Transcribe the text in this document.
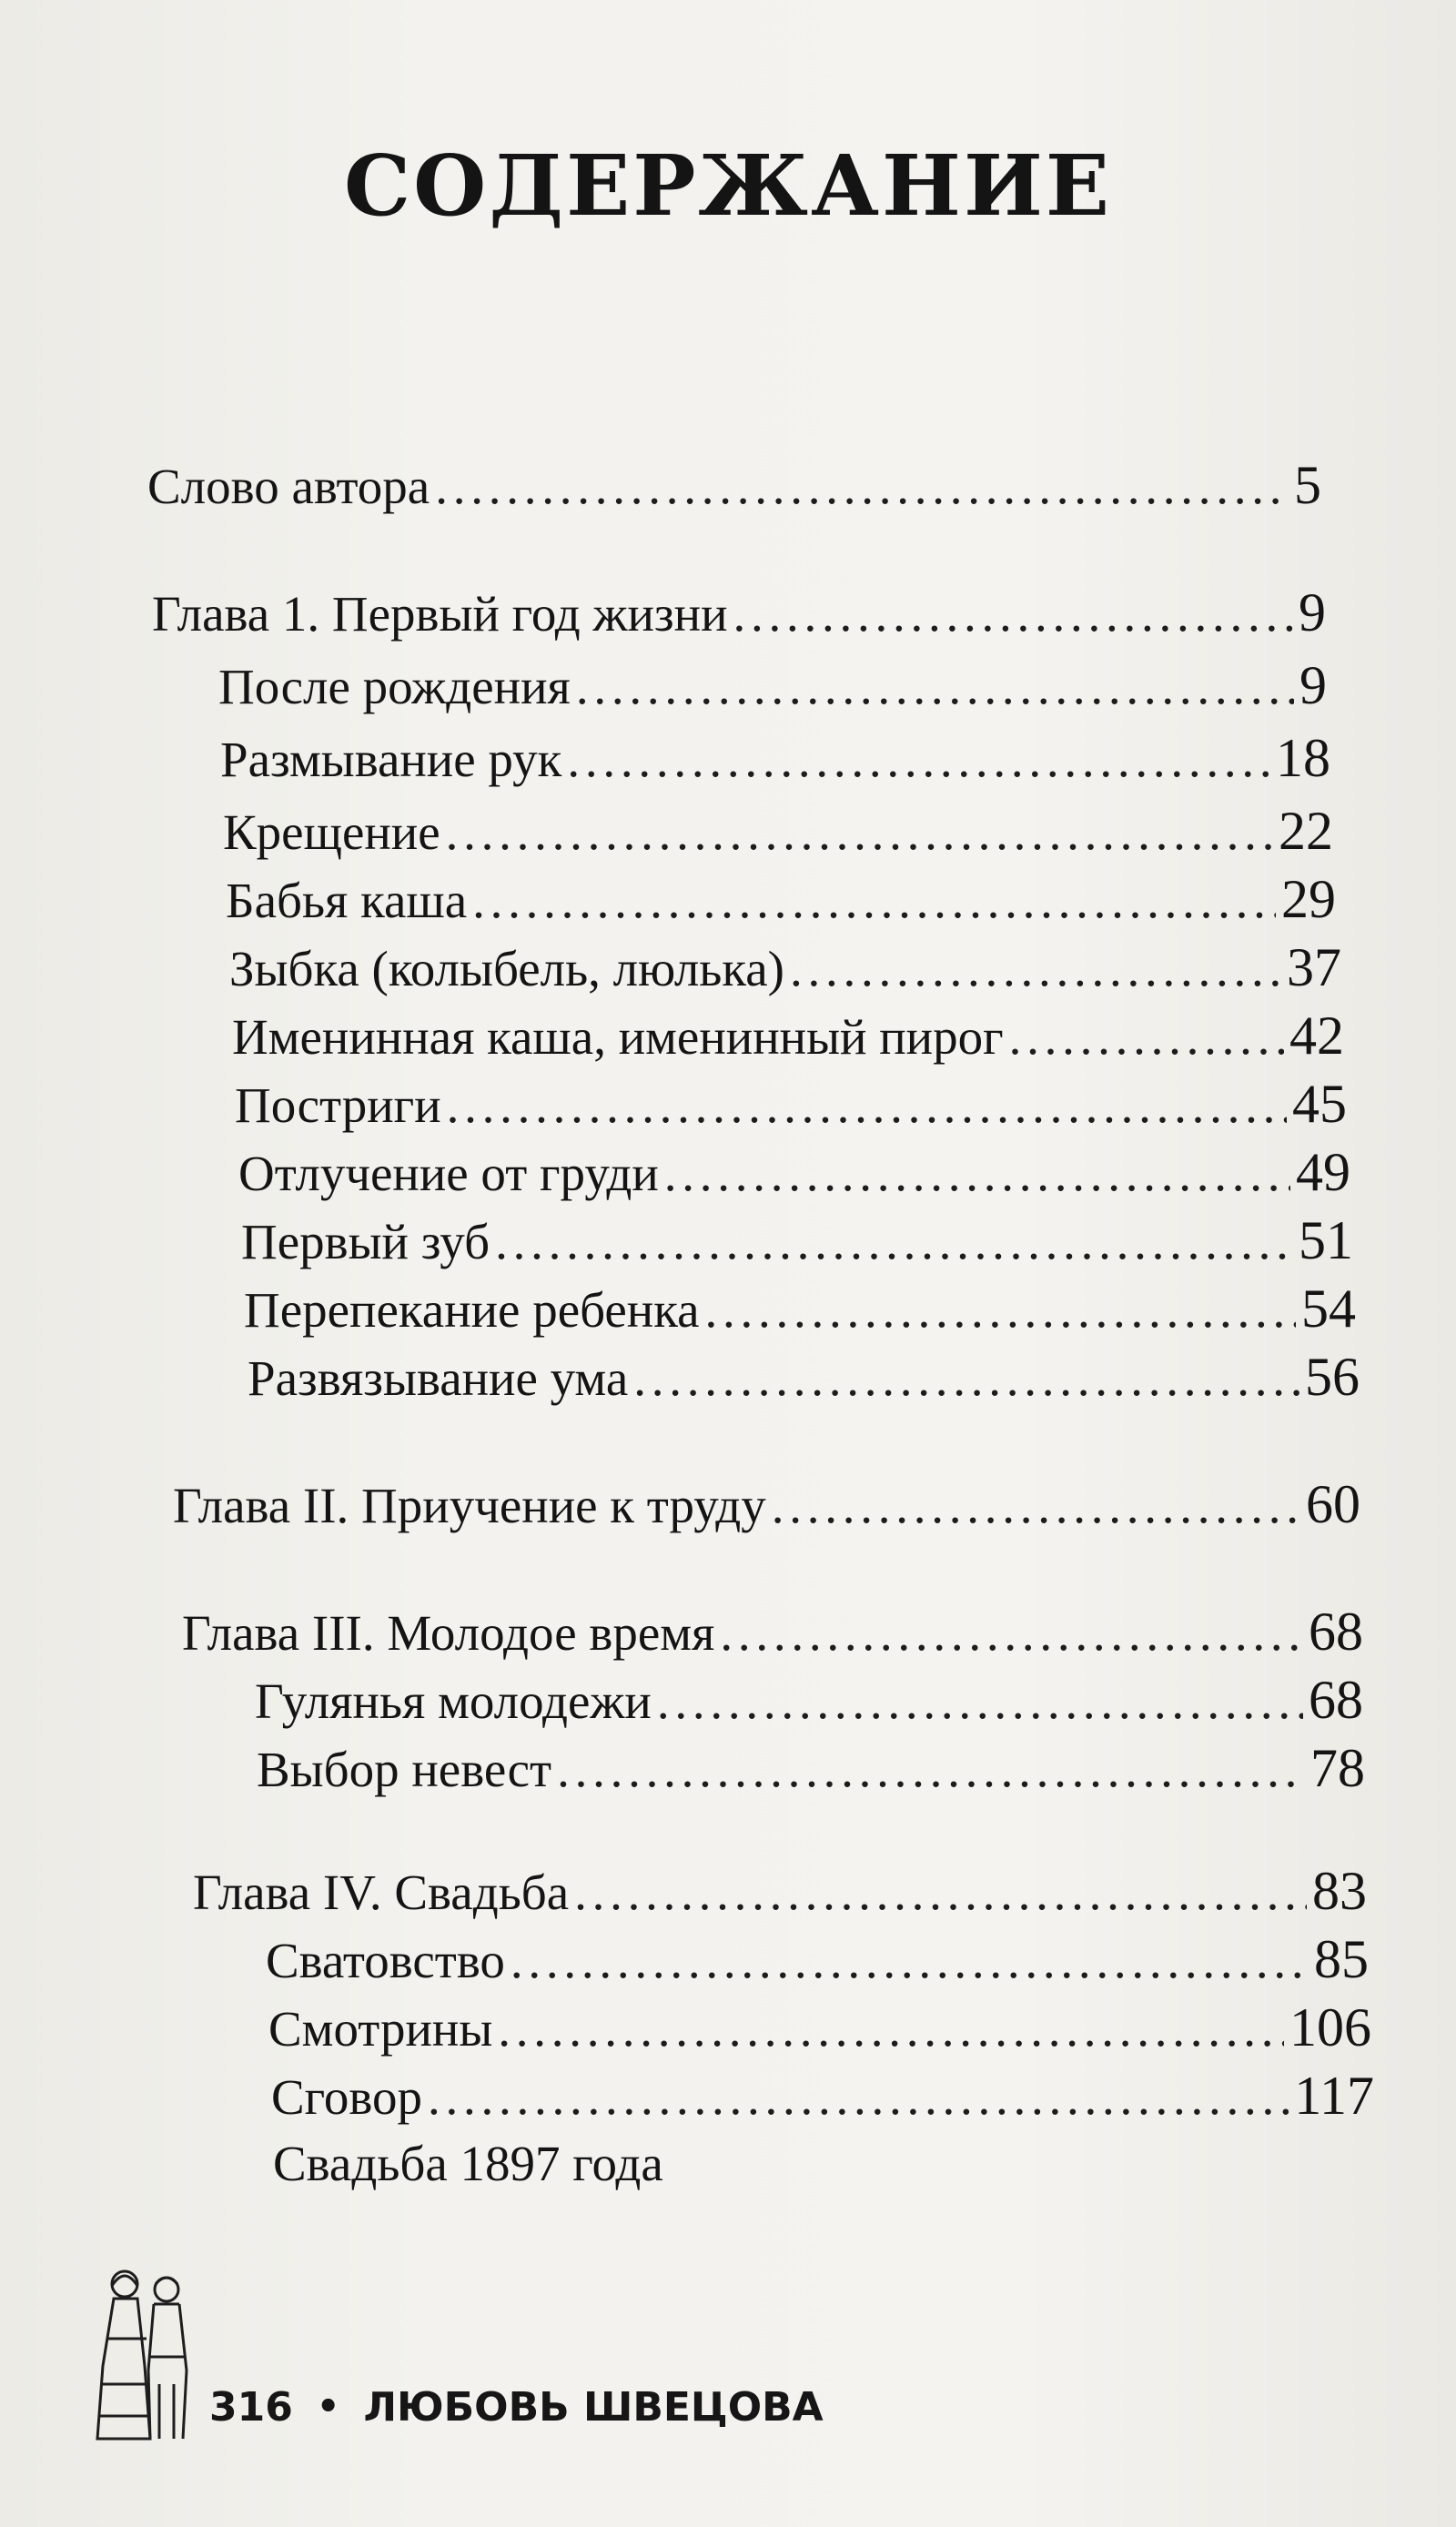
СОДЕРЖАНИЕ
Слово автора . . .	5
Глава 1. Первый год жизни . . .	9
После рождения . . .	9
Размывание рук . . .	18
Крещение . . .	22
Бабья каша . . .	29
Зыбка (колыбель, люлька) . . .	37
Именинная каша, именинный пирог . . .	42
Постриги . . .	45
Отлучение от груди . . .	49
Первый зуб . . .	51
Перепекание ребенка . . .	54
Развязывание ума . . .	56
Глава II. Приучение к труду . . .	60
Глава III. Молодое время . . .	68
Гулянья молодежи . . .	68
Выбор невест . . .	78
Глава IV. Свадьба . . .	83
Сватовство . . .	85
Смотрины . . .	106
Сговор . . .	117
Свадьба 1897 года
316 • ЛЮБОВЬ ШВЕЦОВА
